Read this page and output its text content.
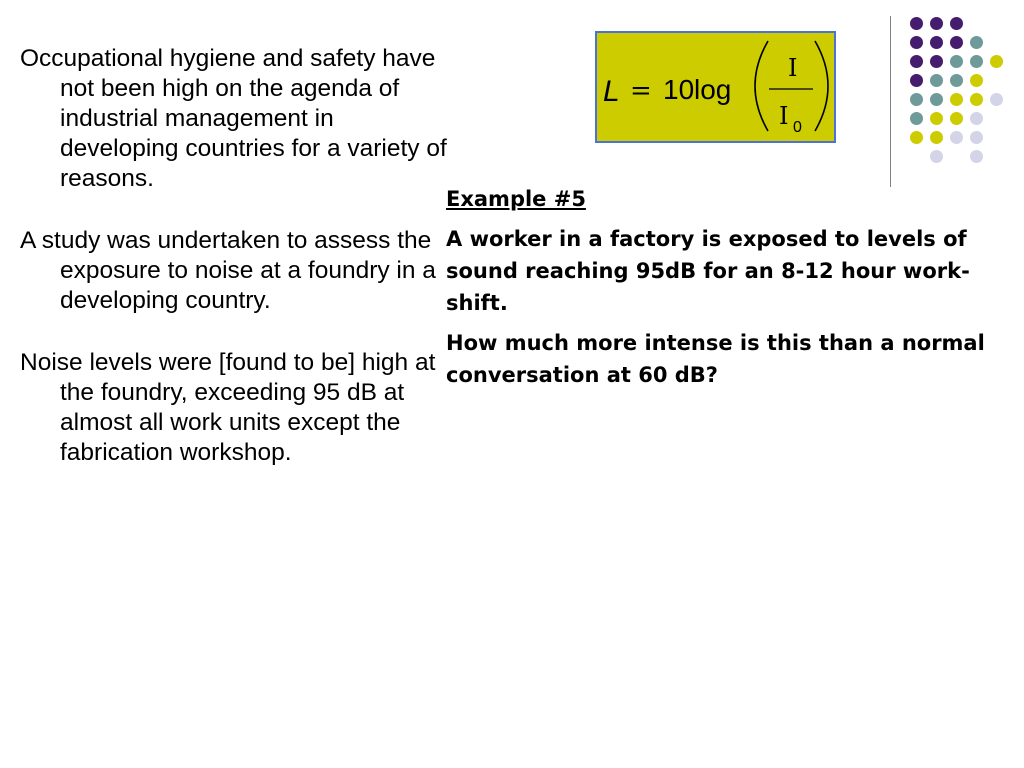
Occupational hygiene and safety have not been high on the agenda of industrial management in developing countries for a variety of reasons.

A study was undertaken to assess the exposure to noise at a foundry in a developing country.

Noise levels were [found to be] high at the foundry, exceeding 95 dB at almost all work units except the fabrication workshop.

L = 10 log
I
I 0

Example #5

A worker in a factory is exposed to levels of sound reaching 95dB for an 8-12 hour work-shift.

How much more intense is this than a normal conversation at 60 dB?
